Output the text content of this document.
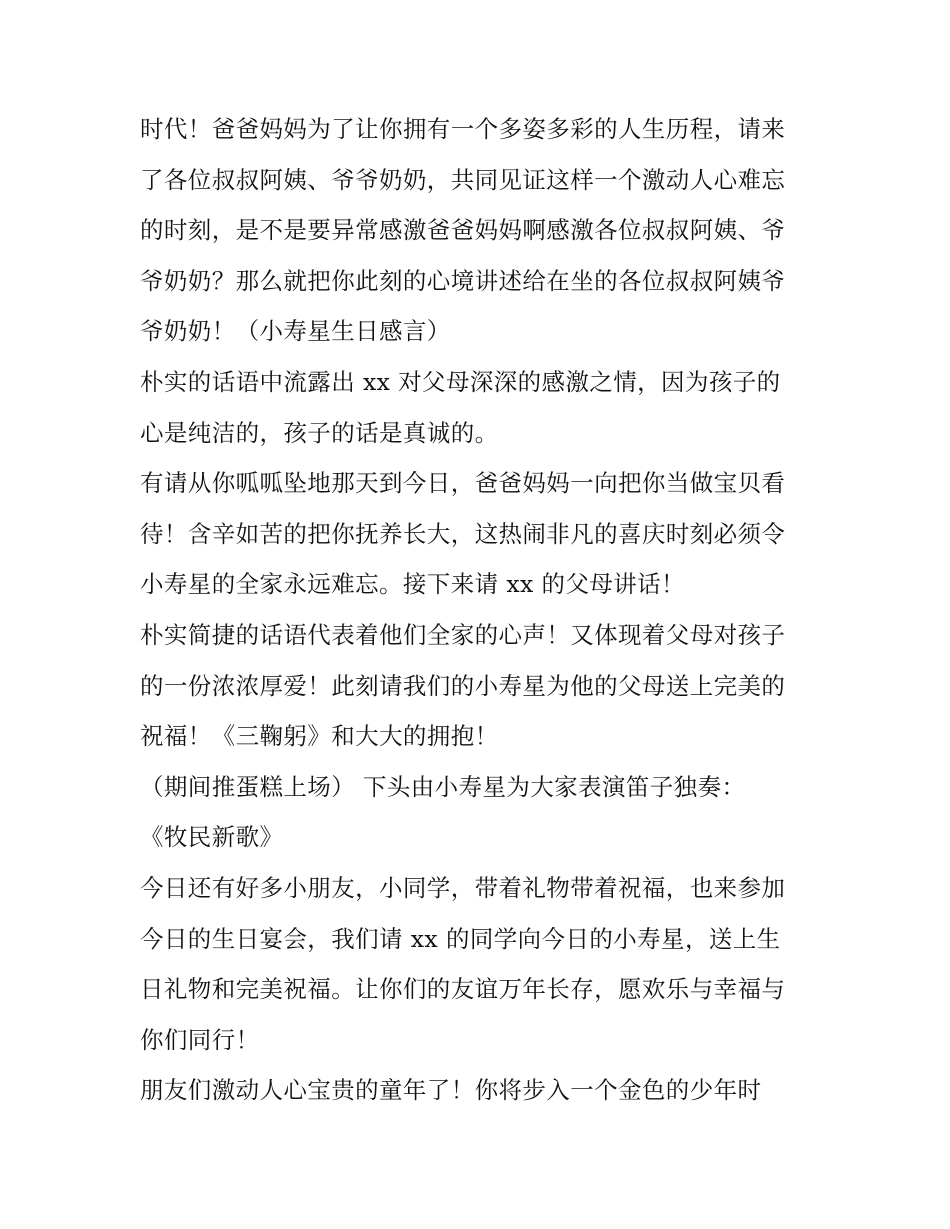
时代！爸爸妈妈为了让你拥有一个多姿多彩的人生历程，请来
了各位叔叔阿姨、爷爷奶奶，共同见证这样一个激动人心难忘
的时刻，是不是要异常感激爸爸妈妈啊感激各位叔叔阿姨、爷
爷奶奶？那么就把你此刻的心境讲述给在坐的各位叔叔阿姨爷
爷奶奶！（小寿星生日感言）
朴实的话语中流露出 xx 对父母深深的感激之情，因为孩子的
心是纯洁的，孩子的话是真诚的。
有请从你呱呱坠地那天到今日，爸爸妈妈一向把你当做宝贝看
待！含辛如苦的把你抚养长大，这热闹非凡的喜庆时刻必须令
小寿星的全家永远难忘。接下来请 xx 的父母讲话！
朴实简捷的话语代表着他们全家的心声！又体现着父母对孩子
的一份浓浓厚爱！此刻请我们的小寿星为他的父母送上完美的
祝福！《三鞠躬》和大大的拥抱！
（期间推蛋糕上场） 下头由小寿星为大家表演笛子独奏：
《牧民新歌》
今日还有好多小朋友，小同学，带着礼物带着祝福，也来参加
今日的生日宴会，我们请 xx 的同学向今日的小寿星，送上生
日礼物和完美祝福。让你们的友谊万年长存，愿欢乐与幸福与
你们同行！
朋友们激动人心宝贵的童年了！你将步入一个金色的少年时
